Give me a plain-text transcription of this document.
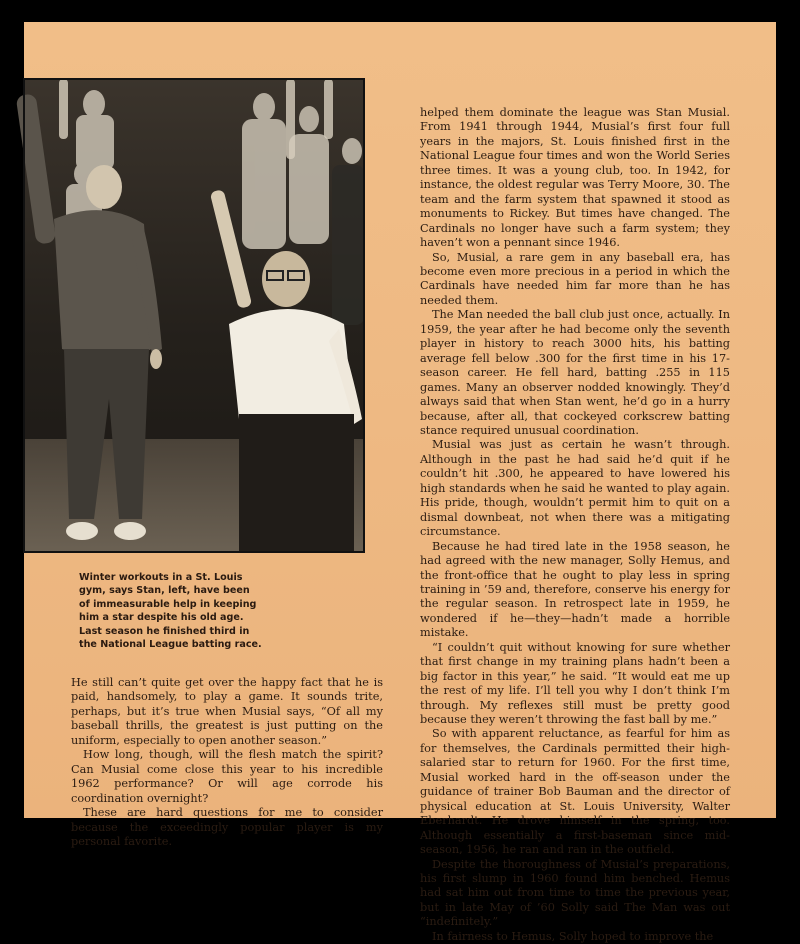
Winter workouts in a St. Louis

gym, says Stan, left, have been

of immeasurable help in keeping

him a star despite his old age.

Last season he finished third in

the National League batting race.

He still can’t quite get over the happy fact that he is paid, handsomely, to play a game. It sounds trite, perhaps, but it’s true when Musial says, “Of all my baseball thrills, the greatest is just putting on the uniform, especially to open another season.”

How long, though, will the flesh match the spirit? Can Musial come close this year to his incredible 1962 performance? Or will age corrode his coordination overnight?

These are hard questions for me to consider because the exceedingly popular player is my personal favorite.

helped them dominate the league was Stan Musial. From 1941 through 1944, Musial’s first four full years in the majors, St. Louis finished first in the National League four times and won the World Series three times. It was a young club, too. In 1942, for instance, the oldest regular was Terry Moore, 30. The team and the farm system that spawned it stood as monuments to Rickey. But times have changed. The Cardinals no longer have such a farm system; they haven’t won a pennant since 1946.

So, Musial, a rare gem in any baseball era, has become even more precious in a period in which the Cardinals have needed him far more than he has needed them.

The Man needed the ball club just once, actually. In 1959, the year after he had become only the seventh player in history to reach 3000 hits, his batting average fell below .300 for the first time in his 17-season career. He fell hard, batting .255 in 115 games. Many an observer nodded knowingly. They’d always said that when Stan went, he’d go in a hurry because, after all, that cockeyed corkscrew batting stance required unusual coordination.

Musial was just as certain he wasn’t through. Although in the past he had said he’d quit if he couldn’t hit .300, he appeared to have lowered his high standards when he said he wanted to play again. His pride, though, wouldn’t permit him to quit on a dismal downbeat, not when there was a mitigating circumstance.

Because he had tired late in the 1958 season, he had agreed with the new manager, Solly Hemus, and the front-office that he ought to play less in spring training in ’59 and, therefore, conserve his energy for the regular season. In retrospect late in 1959, he wondered if he—they—hadn’t made a horrible mistake.

“I couldn’t quit without knowing for sure whether that first change in my training plans hadn’t been a big factor in this year,” he said. “It would eat me up the rest of my life. I’ll tell you why I don’t think I’m through. My reflexes still must be pretty good because they weren’t throwing the fast ball by me.”

So with apparent reluctance, as fearful for him as for themselves, the Cardinals permitted their high-salaried star to return for 1960. For the first time, Musial worked hard in the off-season under the guidance of trainer Bob Bauman and the director of physical education at St. Louis University, Walter Eberhardt. He drove himself in the spring, too. Although essentially a first-baseman since mid-season, 1956, he ran and ran in the outfield.

Despite the thoroughness of Musial’s preparations, his first slump in 1960 found him benched. Hemus had sat him out from time to time the previous year, but in late May of ’60 Solly said The Man was out “indefinitely.”

In fairness to Hemus, Solly hoped to improve the
